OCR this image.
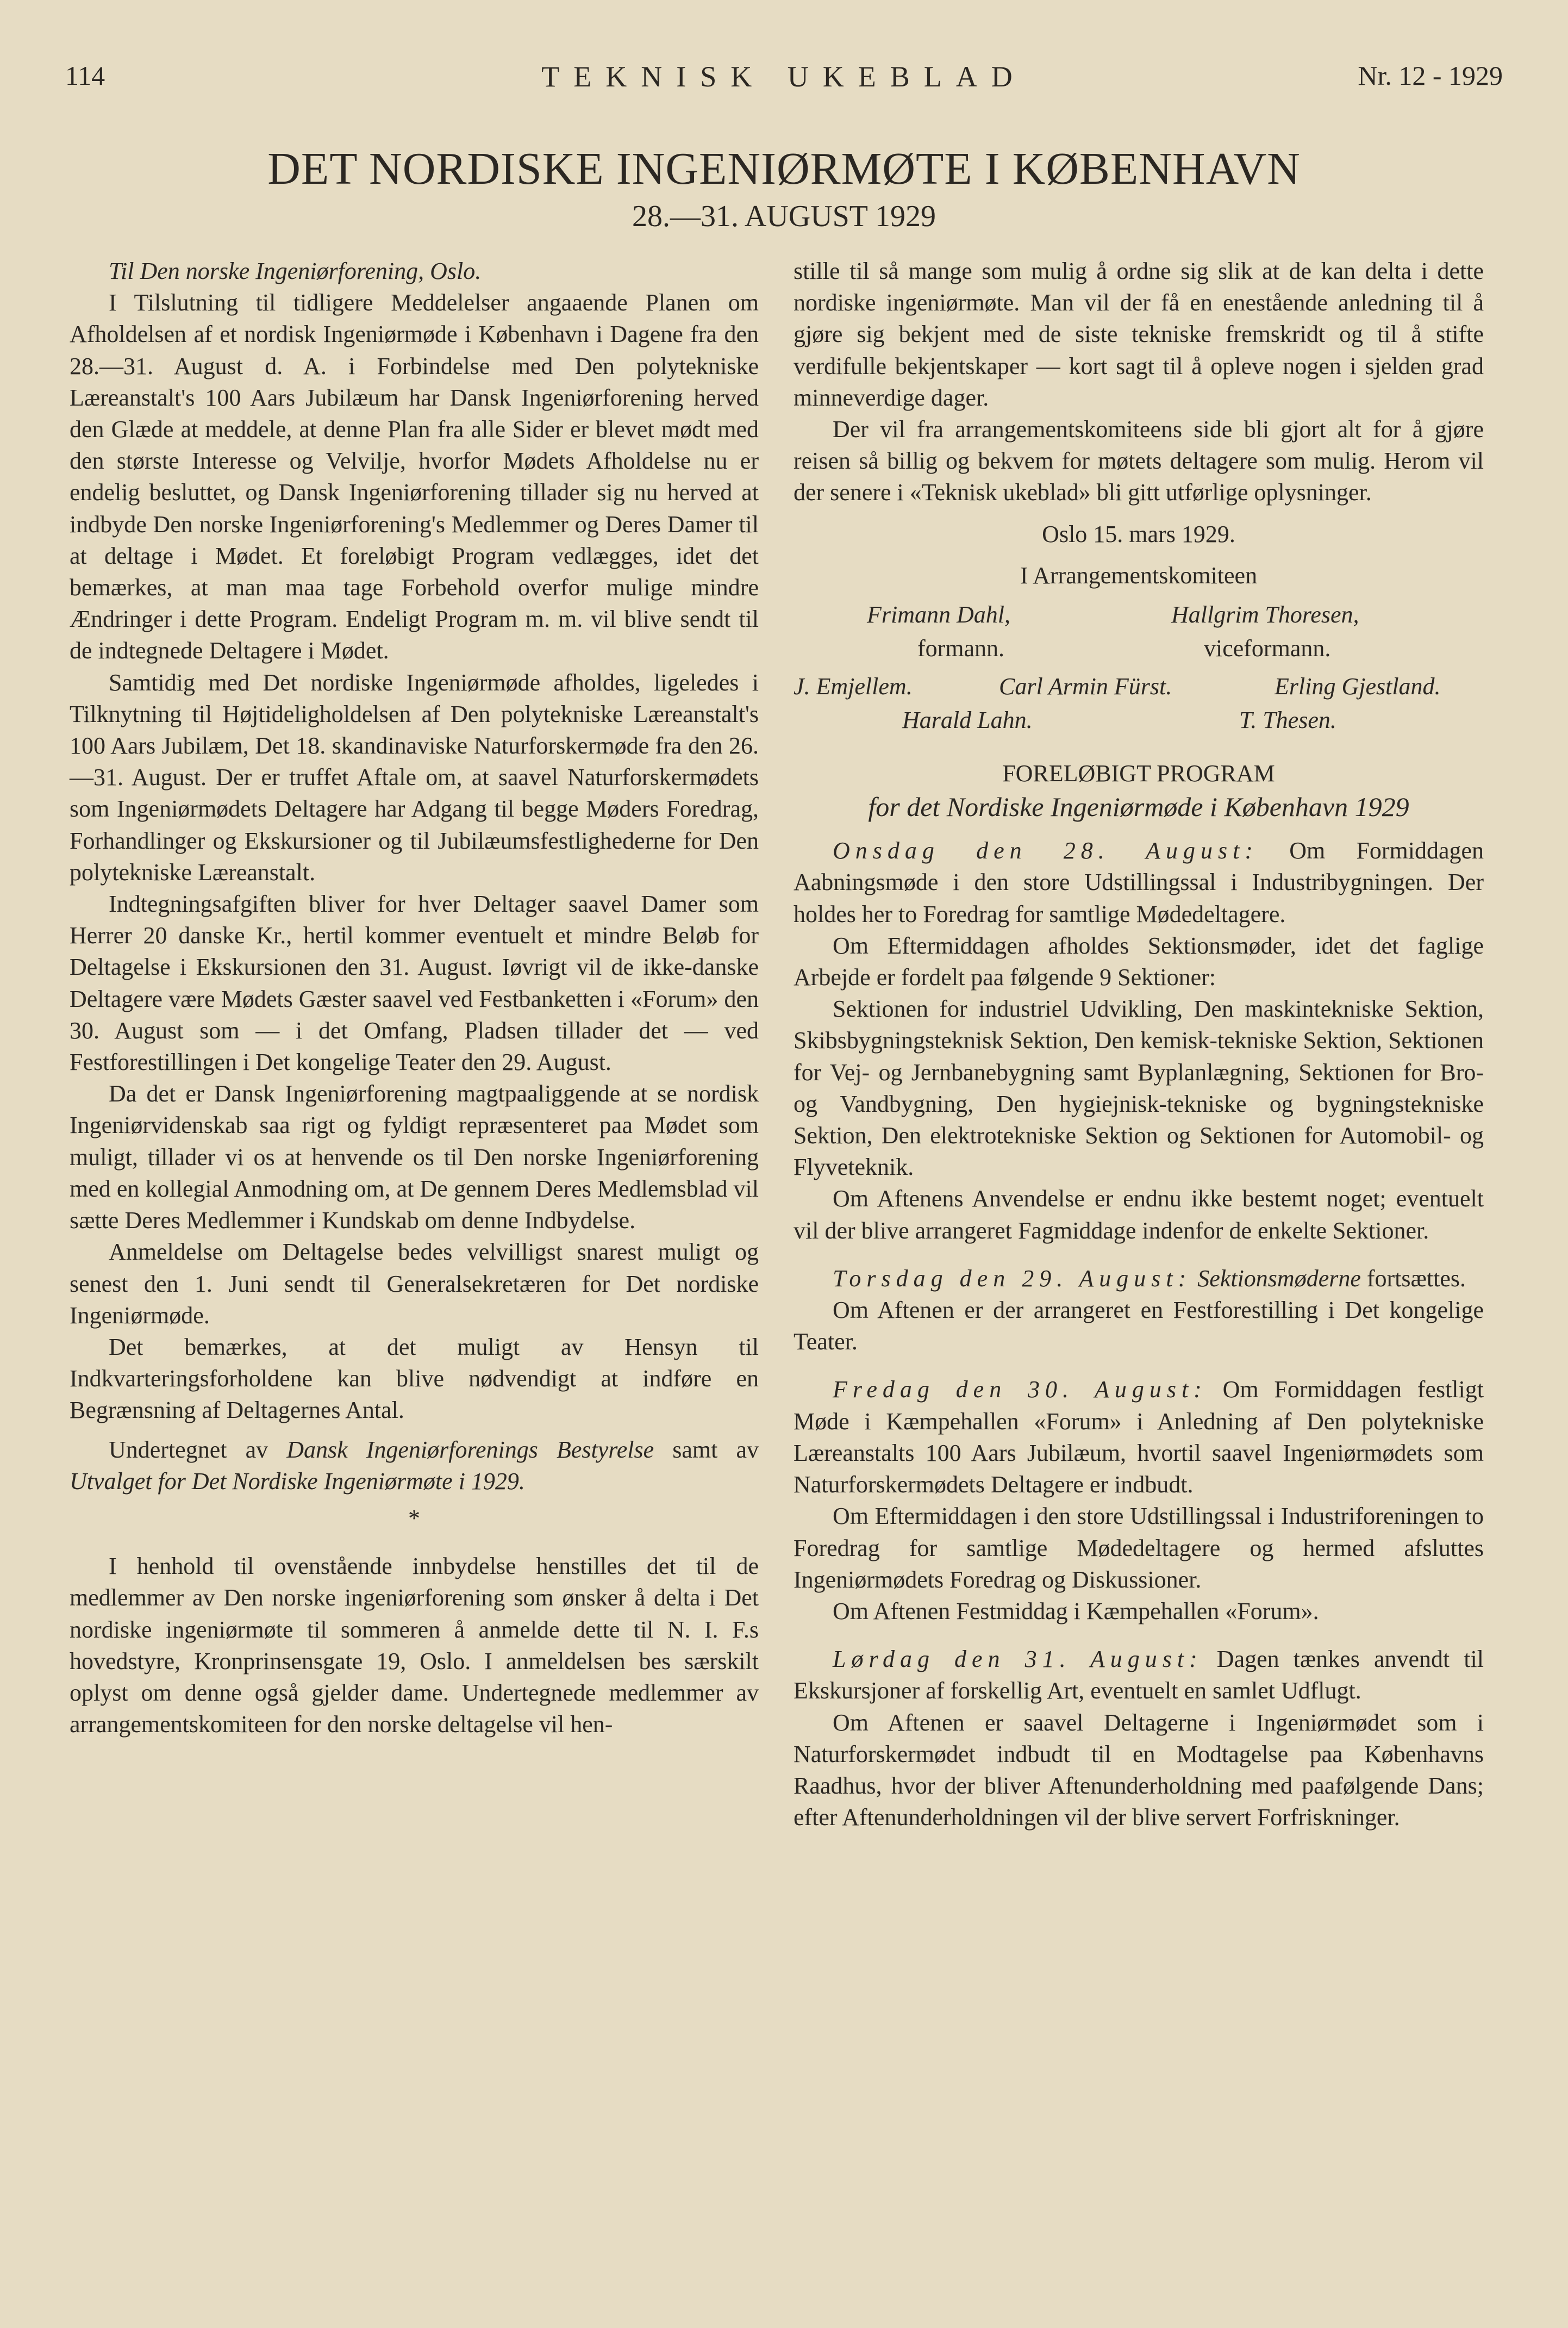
114	TEKNISK UKEBLAD	Nr. 12 - 1929
DET NORDISKE INGENIØRMØTE I KØBENHAVN
28.—31. AUGUST 1929

Til Den norske Ingeniørforening, Oslo.

I Tilslutning til tidligere Meddelelser angaaende Planen om Afholdelsen af et nordisk Ingeniørmøde i København i Dagene fra den 28.—31. August d. A. i Forbindelse med Den polytekniske Læreanstalt's 100 Aars Jubilæum har Dansk Ingeniørforening herved den Glæde at meddele, at denne Plan fra alle Sider er blevet mødt med den største Interesse og Velvilje, hvorfor Mødets Afholdelse nu er endelig besluttet, og Dansk Ingeniørforening tillader sig nu herved at indbyde Den norske Ingeniørforening's Medlemmer og Deres Damer til at deltage i Mødet. Et foreløbigt Program vedlægges, idet det bemærkes, at man maa tage Forbehold overfor mulige mindre Ændringer i dette Program. Endeligt Program m. m. vil blive sendt til de indtegnede Deltagere i Mødet.

Samtidig med Det nordiske Ingeniørmøde afholdes, ligeledes i Tilknytning til Højtideligholdelsen af Den polytekniske Læreanstalt's 100 Aars Jubilæm, Det 18. skandinaviske Naturforskermøde fra den 26.—31. August. Der er truffet Aftale om, at saavel Naturforskermødets som Ingeniørmødets Deltagere har Adgang til begge Møders Foredrag, Forhandlinger og Ekskursioner og til Jubilæumsfestlighederne for Den polytekniske Læreanstalt.

Indtegningsafgiften bliver for hver Deltager saavel Damer som Herrer 20 danske Kr., hertil kommer eventuelt et mindre Beløb for Deltagelse i Ekskursionen den 31. August. Iøvrigt vil de ikke-danske Deltagere være Mødets Gæster saavel ved Festbanketten i «Forum» den 30. August som — i det Omfang, Pladsen tillader det — ved Festforestillingen i Det kongelige Teater den 29. August.

Da det er Dansk Ingeniørforening magtpaaliggende at se nordisk Ingeniørvidenskab saa rigt og fyldigt repræsenteret paa Mødet som muligt, tillader vi os at henvende os til Den norske Ingeniørforening med en kollegial Anmodning om, at De gennem Deres Medlemsblad vil sætte Deres Medlemmer i Kundskab om denne Indbydelse.

Anmeldelse om Deltagelse bedes velvilligst snarest muligt og senest den 1. Juni sendt til Generalsekretæren for Det nordiske Ingeniørmøde.

Det bemærkes, at det muligt av Hensyn til Indkvarteringsforholdene kan blive nødvendigt at indføre en Begrænsning af Deltagernes Antal.

Undertegnet av Dansk Ingeniørforenings Bestyrelse samt av Utvalget for Det Nordiske Ingeniørmøte i 1929.

*

I henhold til ovenstående innbydelse henstilles det til de medlemmer av Den norske ingeniørforening som ønsker å delta i Det nordiske ingeniørmøte til sommeren å anmelde dette til N. I. F.s hovedstyre, Kronprinsensgate 19, Oslo. I anmeldelsen bes særskilt oplyst om denne også gjelder dame. Undertegnede medlemmer av arrangementskomiteen for den norske deltagelse vil hen-

stille til så mange som mulig å ordne sig slik at de kan delta i dette nordiske ingeniørmøte. Man vil der få en enestående anledning til å gjøre sig bekjent med de siste tekniske fremskridt og til å stifte verdifulle bekjentskaper — kort sagt til å opleve nogen i sjelden grad minneverdige dager.

Der vil fra arrangementskomiteens side bli gjort alt for å gjøre reisen så billig og bekvem for møtets deltagere som mulig. Herom vil der senere i «Teknisk ukeblad» bli gitt utførlige oplysninger.

Oslo 15. mars 1929.

I Arrangementskomiteen

Frimann Dahl,	Hallgrim Thoresen,
formann.	viceformann.
J. Emjellem.	Carl Armin Fürst.	Erling Gjestland.
Harald Lahn.	T. Thesen.

FORELØBIGT PROGRAM

for det Nordiske Ingeniørmøde i København 1929

Onsdag den 28. August: Om Formiddagen Aabningsmøde i den store Udstillingssal i Industribygningen. Der holdes her to Foredrag for samtlige Mødedeltagere.

Om Eftermiddagen afholdes Sektionsmøder, idet det faglige Arbejde er fordelt paa følgende 9 Sektioner:

Sektionen for industriel Udvikling, Den maskintekniske Sektion, Skibsbygningsteknisk Sektion, Den kemisk-tekniske Sektion, Sektionen for Vej- og Jernbanebygning samt Byplanlægning, Sektionen for Bro- og Vandbygning, Den hygiejnisk-tekniske og bygningstekniske Sektion, Den elektrotekniske Sektion og Sektionen for Automobil- og Flyveteknik.

Om Aftenens Anvendelse er endnu ikke bestemt noget; eventuelt vil der blive arrangeret Fagmiddage indenfor de enkelte Sektioner.

Torsdag den 29. August: Sektionsmøderne fortsættes.

Om Aftenen er der arrangeret en Festforestilling i Det kongelige Teater.

Fredag den 30. August: Om Formiddagen festligt Møde i Kæmpehallen «Forum» i Anledning af Den polytekniske Læreanstalts 100 Aars Jubilæum, hvortil saavel Ingeniørmødets som Naturforskermødets Deltagere er indbudt.

Om Eftermiddagen i den store Udstillingssal i Industriforeningen to Foredrag for samtlige Mødedeltagere og hermed afsluttes Ingeniørmødets Foredrag og Diskussioner.

Om Aftenen Festmiddag i Kæmpehallen «Forum».

Lørdag den 31. August: Dagen tænkes anvendt til Ekskursjoner af forskellig Art, eventuelt en samlet Udflugt.

Om Aftenen er saavel Deltagerne i Ingeniørmødet som i Naturforskermødet indbudt til en Modtagelse paa Københavns Raadhus, hvor der bliver Aftenunderholdning med paafølgende Dans; efter Aftenunderholdningen vil der blive servert Forfriskninger.
